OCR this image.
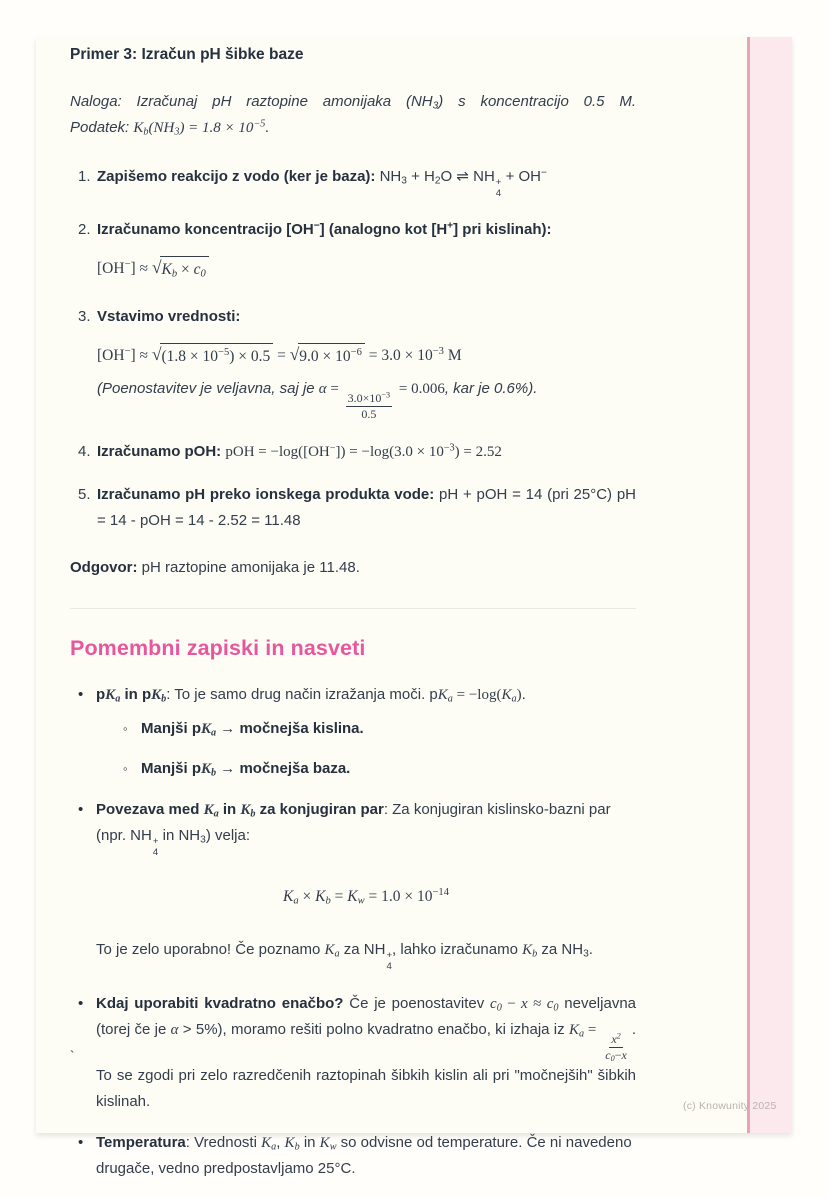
Primer 3: Izračun pH šibke baze
Naloga: Izračunaj pH raztopine amonijaka $(NH_3)$ s koncentracijo 0.5 M.
Podatek: $K_b(NH_3) = 1.8 \times 10^{-5}$.
1. Zapišemo reakcijo z vodo (ker je baza): $NH_3 + H_2O$ ⇌ NH +
4
+ OH−
2. Izračunamo koncentracijo [OH−] (analogno kot [H+] pri kislinah):
[OH−] ≈ √ $K_b \times c_0$
3. Vstavimo vrednosti:
[OH−] ≈ √ $(1.8 \times 10^{-5}) \times 0.5$ = √ $9.0 \times 10^{-6} = 3.0 \times 10^{-3}$ M
(Poenostavitev je veljavna, saj je α =
$\frac{3.0\times 10^{-3}}{0.5}$
= 0.006, kar je 0.6%).
4. Izračunamo pOH: pOH = $-\log([OH^-]) = -\log(3.0 \times 10^{-3}) = 2.52$
5. Izračunamo pH preko ionskega produkta vode: pH + pOH = 14 (pri 25°C) pH = 14 - pOH = 14 - 2.52 = 11.48
Odgovor: pH raztopine amonijaka je 11.48.
Pomembni zapiski in nasveti
• $pK_a$ in $pK_b$: To je samo drug način izražanja moči. $pK_a = -\log(K_a)$.
◦ Manjši $pK_a$ → močnejša kislina.
◦ Manjši $pK_b$ → močnejša baza.
• Povezava med $K_a$ in $K_b$ za konjugiran par: Za konjugiran kislinsko-bazni par (npr. NH +
4
in $NH_3$) velja:
$K_a \times K_b = K_w = 1.0 \times 10^{-14}$
To je zelo uporabno! Če poznamo $K_a$ za NH +
4
, lahko izračunamo $K_b$ za $NH_3$.
• Kdaj uporabiti kvadratno enačbo? Če je poenostavitev $c_0 - x \approx c_0$ neveljavna (torej če je α > 5%), moramo rešiti polno kvadratno enačbo, ki izhaja iz $K_a$ =
$\frac{x^2}{c_0-x}$
. To se zgodi pri zelo razredčenih raztopinah šibkih kislin ali pri "močnejših" šibkih kislinah.
• Temperatura: Vrednosti $K_a$, $K_b$ in $K_w$ so odvisne od temperature. Če ni navedeno drugače, vedno predpostavljamo 25°C.
`
(c) Knowunity 2025
